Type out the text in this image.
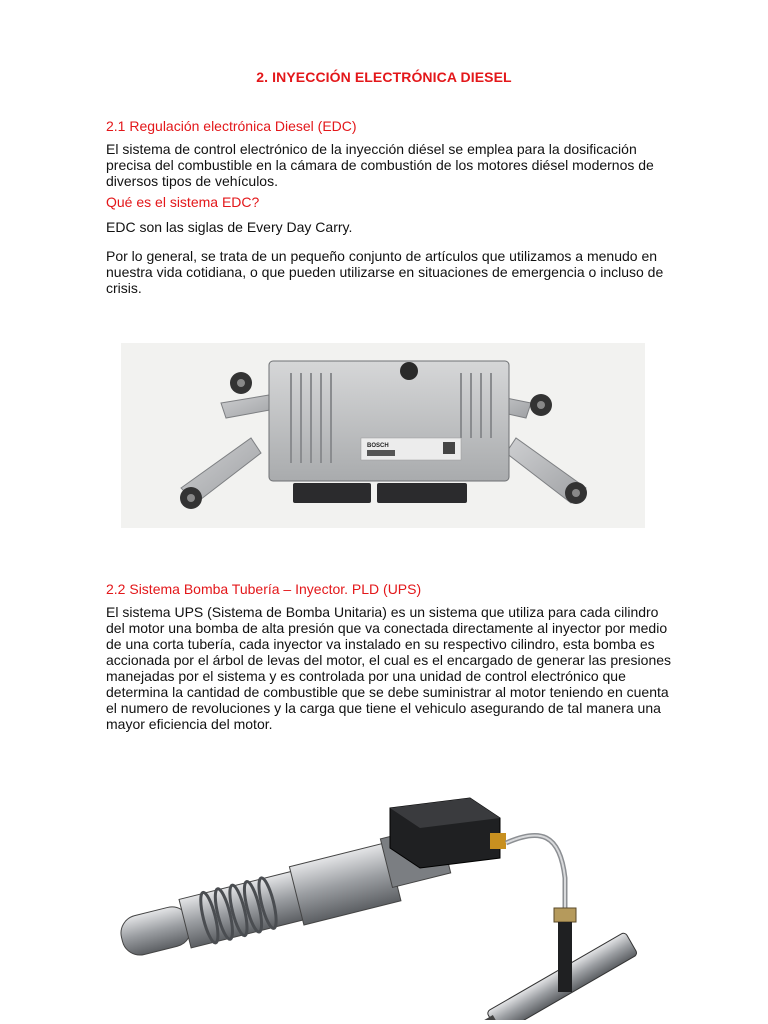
2. INYECCIÓN ELECTRÓNICA DIESEL
2.1 Regulación electrónica Diesel (EDC)
El sistema de control electrónico de la inyección diésel se emplea para la dosificación precisa del combustible en la cámara de combustión de los motores diésel modernos de diversos tipos de vehículos.
Qué es el sistema EDC?
EDC son las siglas de Every Day Carry.
Por lo general, se trata de un pequeño conjunto de artículos que utilizamos a menudo en nuestra vida cotidiana, o que pueden utilizarse en situaciones de emergencia o incluso de crisis.
BOSCH
2.2 Sistema Bomba Tubería – Inyector. PLD (UPS)
El sistema UPS (Sistema de Bomba Unitaria) es un sistema que utiliza para cada cilindro del motor una bomba de alta presión que va conectada directamente al inyector por medio de una corta tubería, cada inyector va instalado en su respectivo cilindro, esta bomba es accionada por el árbol de levas del motor, el cual es el encargado de generar las presiones manejadas por el sistema y es controlada por una unidad de control electrónico que determina la cantidad de combustible que se debe suministrar al motor teniendo en cuenta el numero de revoluciones y la carga que tiene el vehiculo asegurando de tal manera una mayor eficiencia del motor.
